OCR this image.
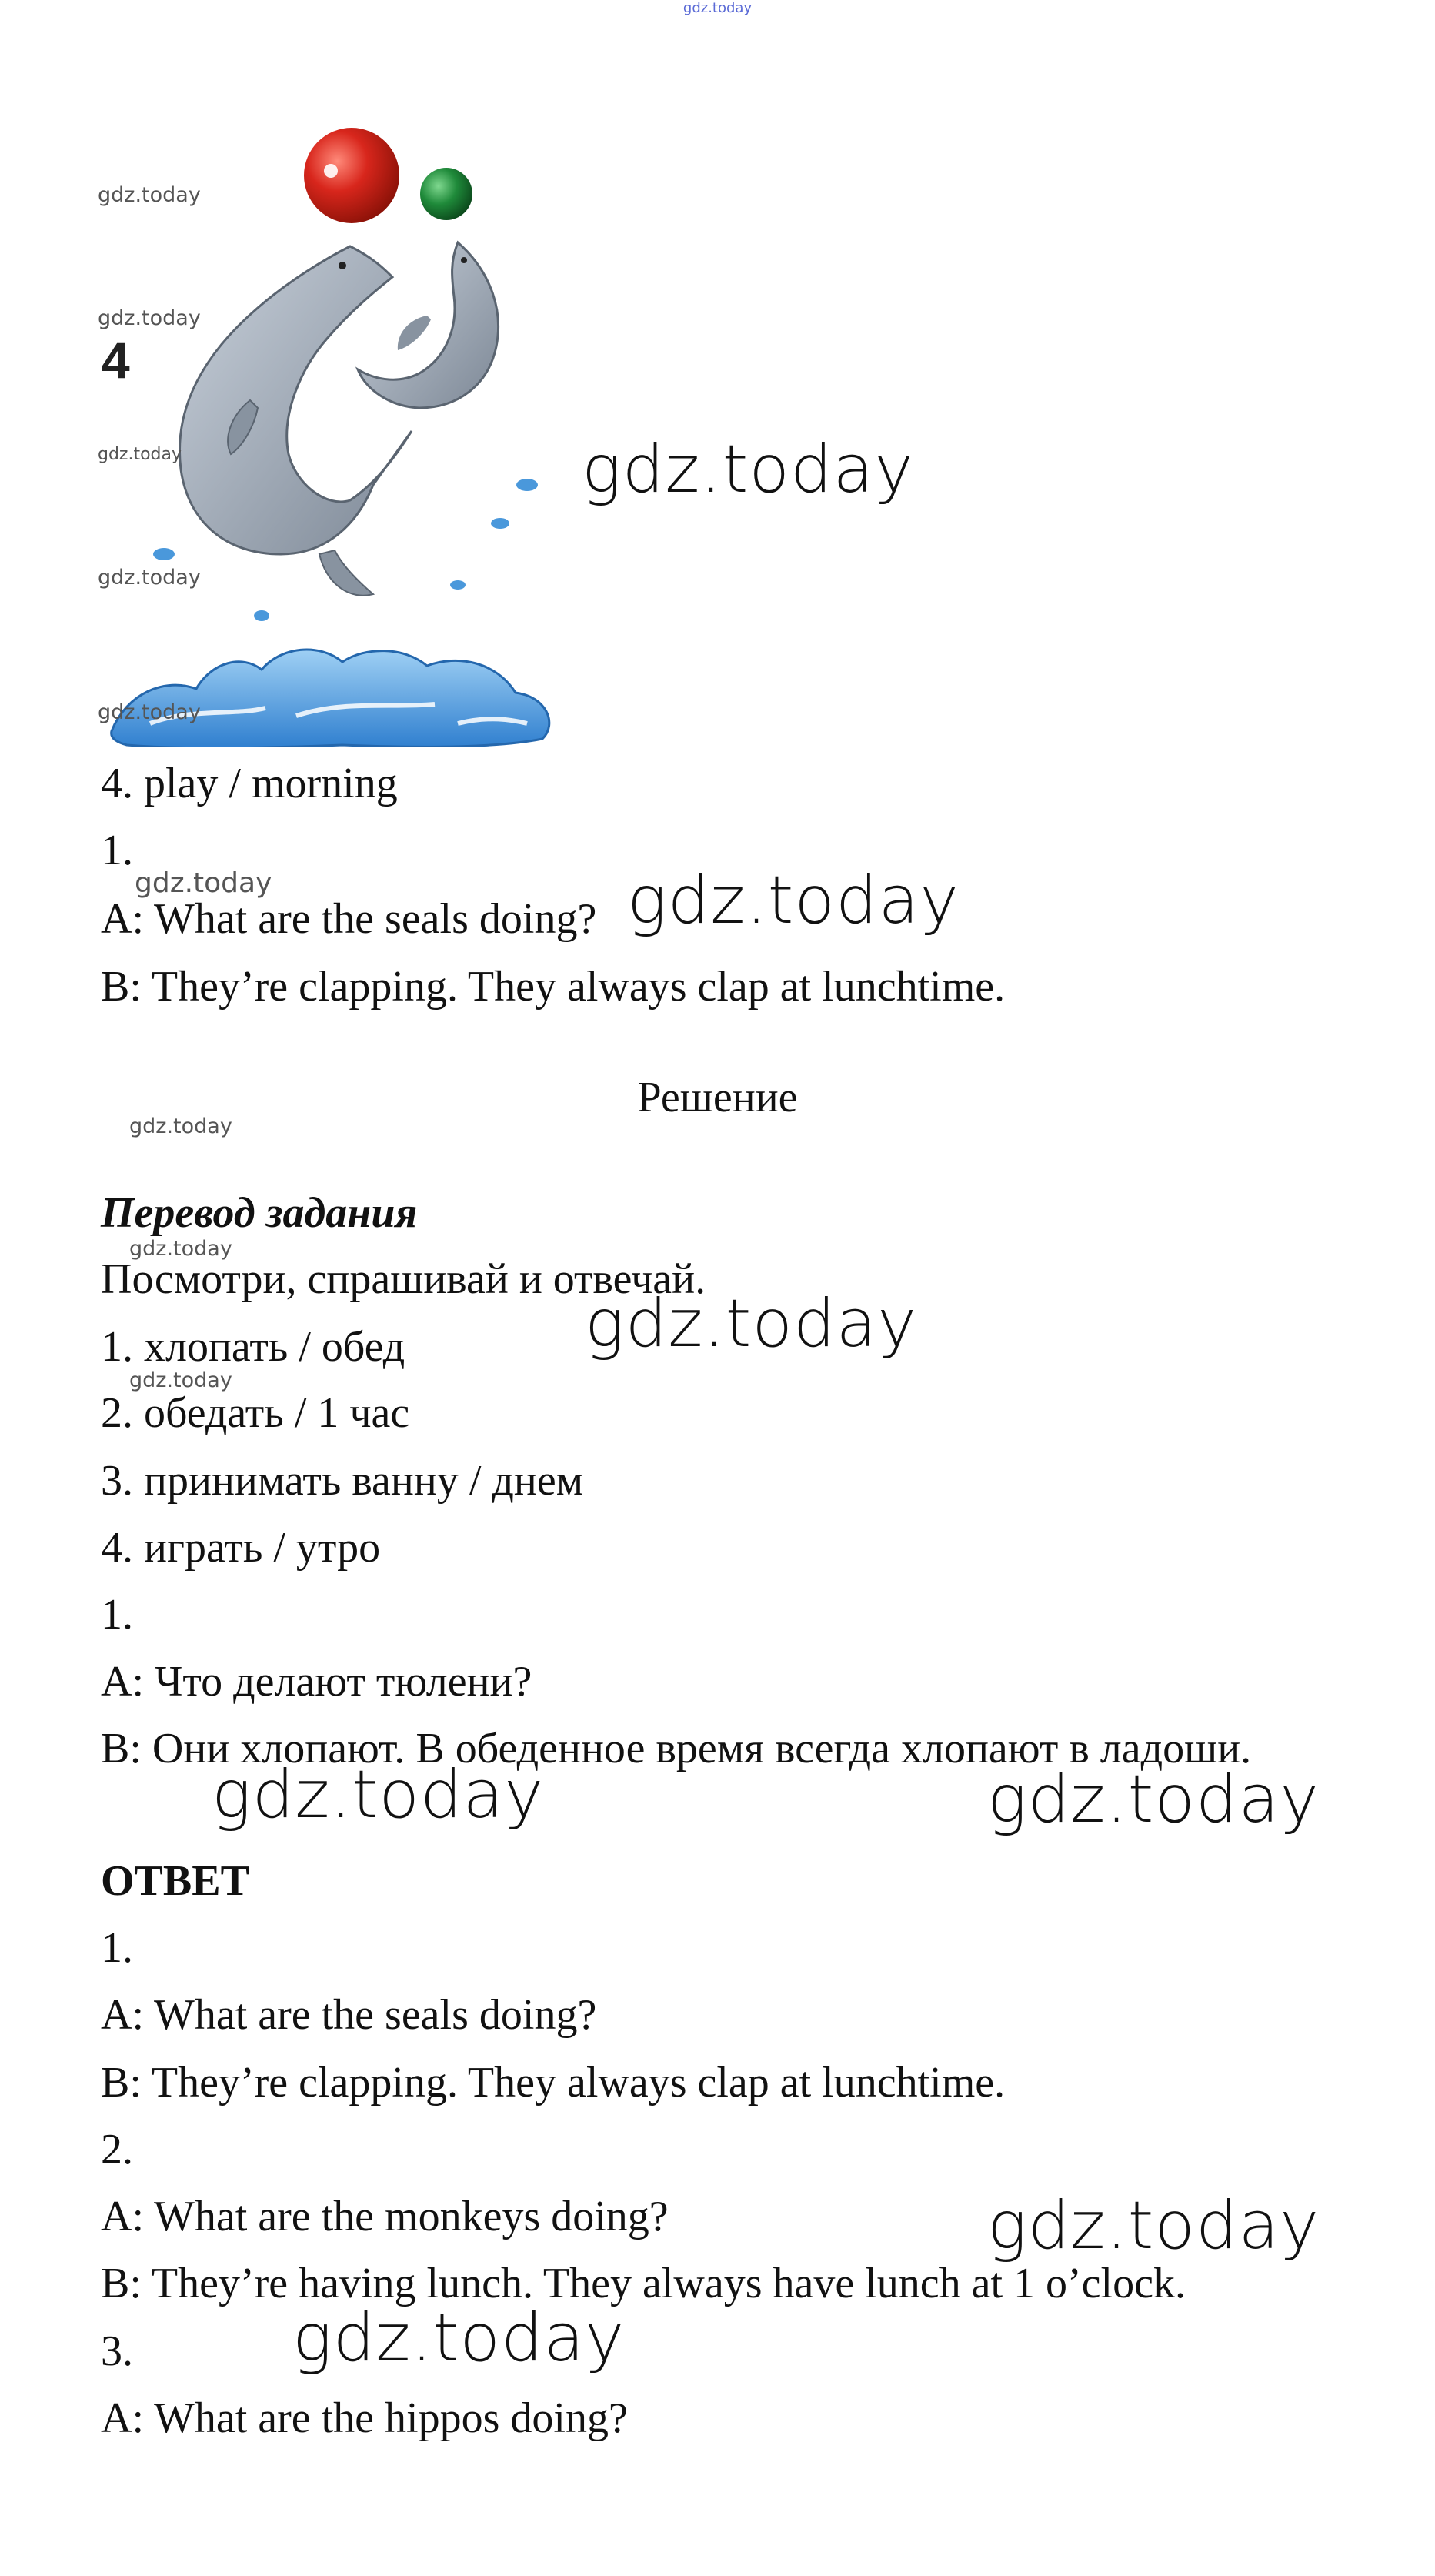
gdz.today
4
gdz.today
gdz.today
gdz.today
gdz.today
gdz.today
gdz.today
4. play / morning
1.
gdz.today	gdz.today
A: What are the seals doing?
B: They’re clapping. They always clap at lunchtime.
Решение
gdz.today
Перевод задания
gdz.today
Посмотри, спрашивай и отвечай.
gdz.today
1. хлопать / обед
gdz.today
2. обедать / 1 час
3. принимать ванну / днем
4. играть / утро
1.
A: Что делают тюлени?
B: Они хлопают. В обеденное время всегда хлопают в ладоши.
gdz.today	gdz.today
ОТВЕТ
1.
A: What are the seals doing?
B: They’re clapping. They always clap at lunchtime.
2.
A: What are the monkeys doing?	gdz.today
B: They’re having lunch. They always have lunch at 1 o’clock.
3. gdz.today
A: What are the hippos doing?
